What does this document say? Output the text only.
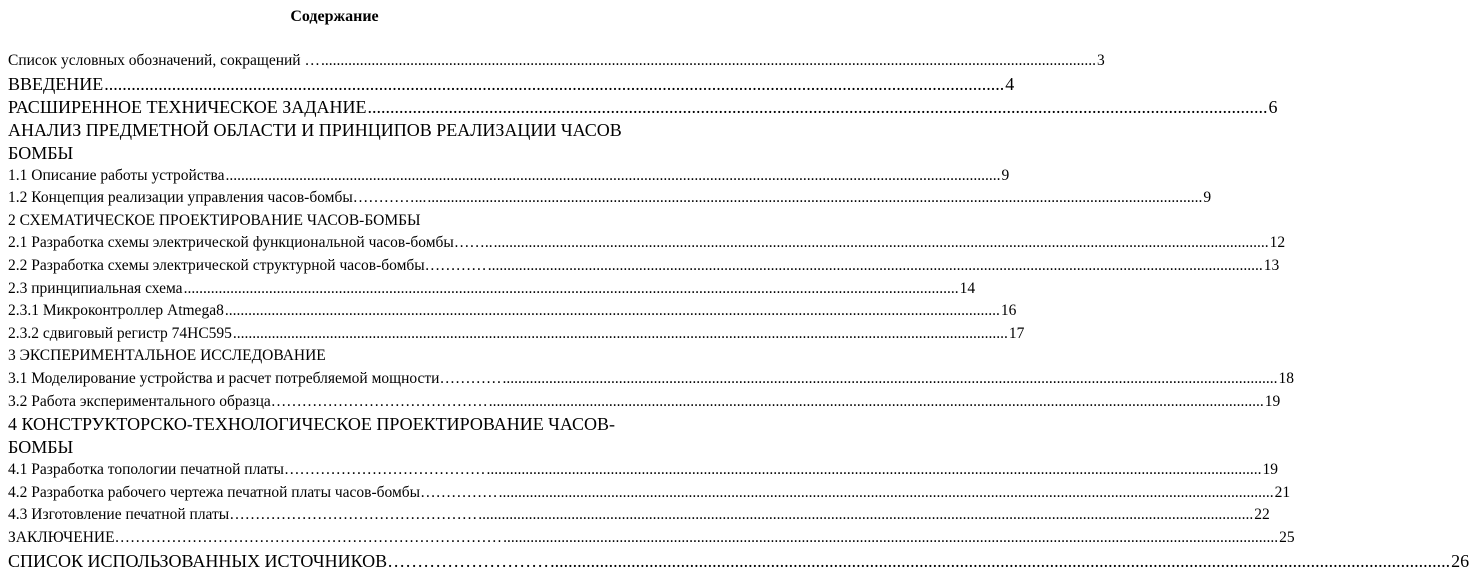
Содержание
Список условных обозначений, сокращений … ........................................................................................................................................................................................................ 3
ВВЕДЕНИЕ ........................................................................................................................................................................................................ 4
РАСШИРЕННОЕ ТЕХНИЧЕСКОЕ ЗАДАНИЕ ........................................................................................................................................................................................................ 6
АНАЛИЗ ПРЕДМЕТНОЙ ОБЛАСТИ И ПРИНЦИПОВ РЕАЛИЗАЦИИ ЧАСОВ БОМБЫ
1.1 Описание работы устройства ........................................................................................................................................................................................................ 9
1.2 Концепция реализации управления часов-бомбы…………... ........................................................................................................................................................................................................ 9
2 СХЕМАТИЧЕСКОЕ ПРОЕКТИРОВАНИЕ ЧАСОВ-БОМБЫ
2.1 Разработка схемы электрической функциональной часов-бомбы…….. ........................................................................................................................................................................................................ 12
2.2 Разработка схемы электрической структурной часов-бомбы………… ........................................................................................................................................................................................................ 13
2.3 принципиальная схема ........................................................................................................................................................................................................ 14
2.3.1 Микроконтроллер Atmega8 ........................................................................................................................................................................................................ 16
2.3.2 сдвиговый регистр 74HC595 ........................................................................................................................................................................................................ 17
3 ЭКСПЕРИМЕНТАЛЬНОЕ ИССЛЕДОВАНИЕ
3.1 Моделирование устройства и расчет потребляемой мощности………… ........................................................................................................................................................................................................ 18
3.2 Работа экспериментального образца…………………………………… ........................................................................................................................................................................................................ 19
4 КОНСТРУКТОРСКО-ТЕХНОЛОГИЧЕСКОЕ ПРОЕКТИРОВАНИЕ ЧАСОВ-БОМБЫ
4.1 Разработка топологии печатной платы………………………………… ........................................................................................................................................................................................................ 19
4.2 Разработка рабочего чертежа печатной платы часов-бомбы…………… ........................................................................................................................................................................................................ 21
4.3 Изготовление печатной платы………………………………………… ........................................................................................................................................................................................................ 22
ЗАКЛЮЧЕНИЕ………………………………………………………………… ........................................................................................................................................................................................................ 25
СПИСОК ИСПОЛЬЗОВАННЫХ ИСТОЧНИКОВ……………………… ........................................................................................................................................................................................................ 26
